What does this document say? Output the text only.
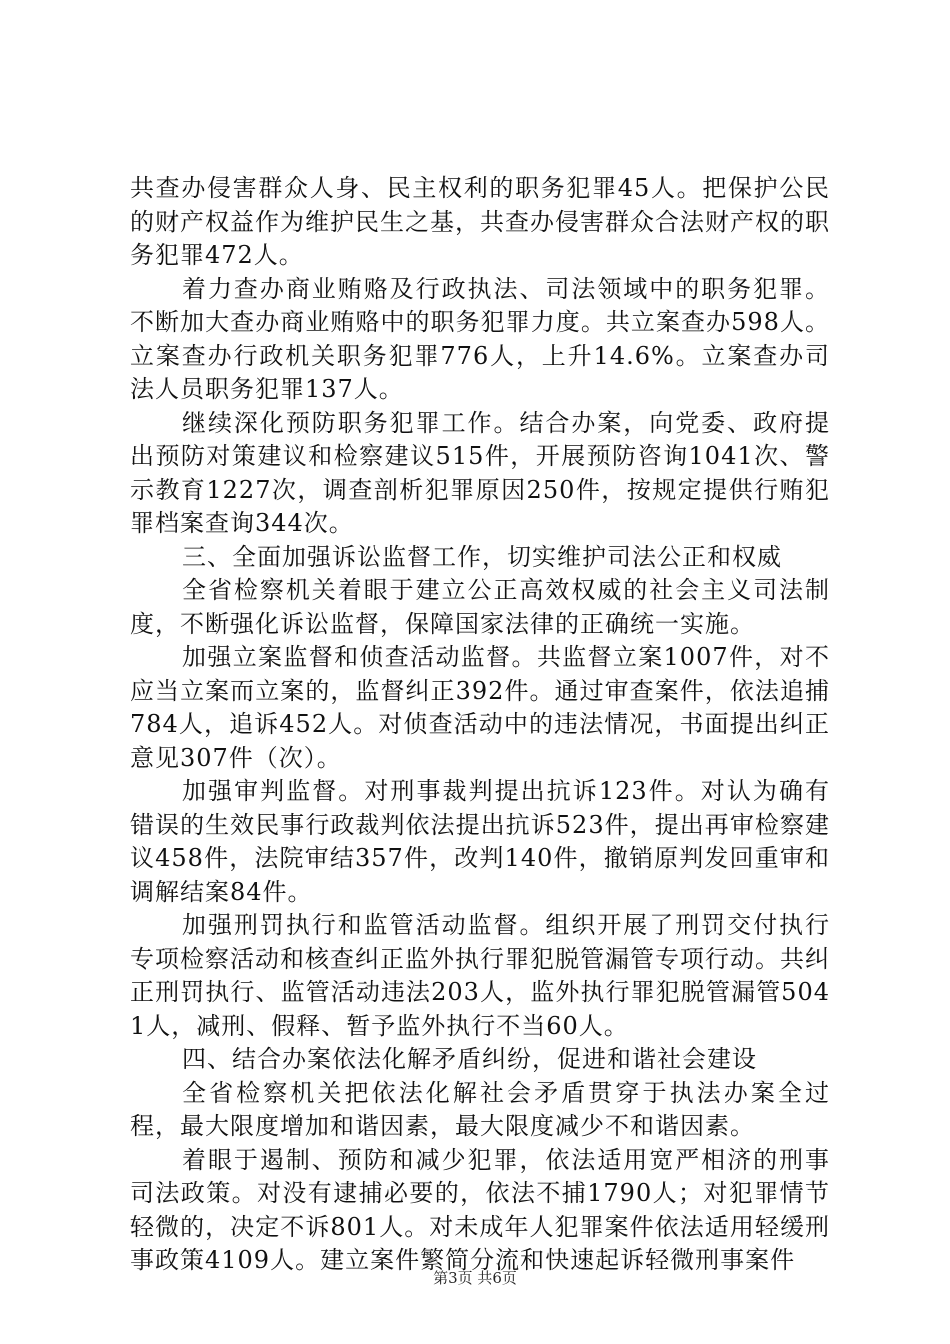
共查办侵害群众人身、民主权利的职务犯罪45人。把保护公民的财产权益作为维护民生之基，共查办侵害群众合法财产权的职务犯罪472人。

着力查办商业贿赂及行政执法、司法领域中的职务犯罪。不断加大查办商业贿赂中的职务犯罪力度。共立案查办598人。立案查办行政机关职务犯罪776人，上升14.6%。立案查办司法人员职务犯罪137人。

继续深化预防职务犯罪工作。结合办案，向党委、政府提出预防对策建议和检察建议515件，开展预防咨询1041次、警示教育1227次，调查剖析犯罪原因250件，按规定提供行贿犯罪档案查询344次。

三、全面加强诉讼监督工作，切实维护司法公正和权威

全省检察机关着眼于建立公正高效权威的社会主义司法制度，不断强化诉讼监督，保障国家法律的正确统一实施。

加强立案监督和侦查活动监督。共监督立案1007件，对不应当立案而立案的，监督纠正392件。通过审查案件，依法追捕784人，追诉452人。对侦查活动中的违法情况，书面提出纠正意见307件（次）。

加强审判监督。对刑事裁判提出抗诉123件。对认为确有错误的生效民事行政裁判依法提出抗诉523件，提出再审检察建议458件，法院审结357件，改判140件，撤销原判发回重审和调解结案84件。

加强刑罚执行和监管活动监督。组织开展了刑罚交付执行专项检察活动和核查纠正监外执行罪犯脱管漏管专项行动。共纠正刑罚执行、监管活动违法203人，监外执行罪犯脱管漏管5041人，减刑、假释、暂予监外执行不当60人。

四、结合办案依法化解矛盾纠纷，促进和谐社会建设

全省检察机关把依法化解社会矛盾贯穿于执法办案全过程，最大限度增加和谐因素，最大限度减少不和谐因素。

着眼于遏制、预防和减少犯罪，依法适用宽严相济的刑事司法政策。对没有逮捕必要的，依法不捕1790人；对犯罪情节轻微的，决定不诉801人。对未成年人犯罪案件依法适用轻缓刑事政策4109人。建立案件繁简分流和快速起诉轻微刑事案件

第3页 共6页
